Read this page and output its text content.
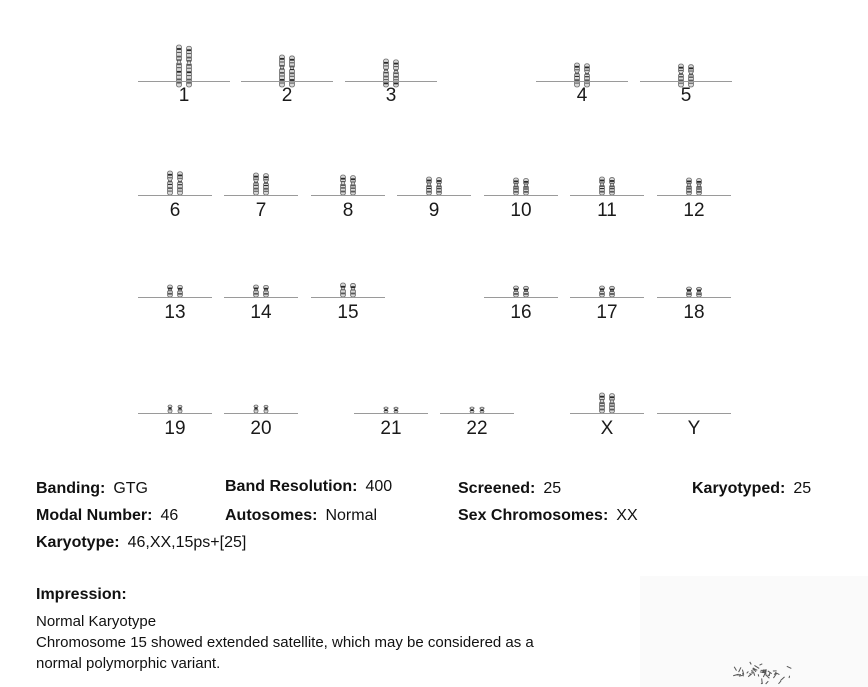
1	2	3	4	5
6	7	8	9	10	11	12
13	14	15	16	17	18
19	20	21	22	X	Y
Banding: GTG	Band Resolution: 400	Screened: 25	Karyotyped: 25
Modal Number: 46	Autosomes: Normal	Sex Chromosomes: XX
Karyotype: 46,XX,15ps+[25]
Impression:
Normal Karyotype
Chromosome 15 showed extended satellite, which may be considered as a
normal polymorphic variant.
